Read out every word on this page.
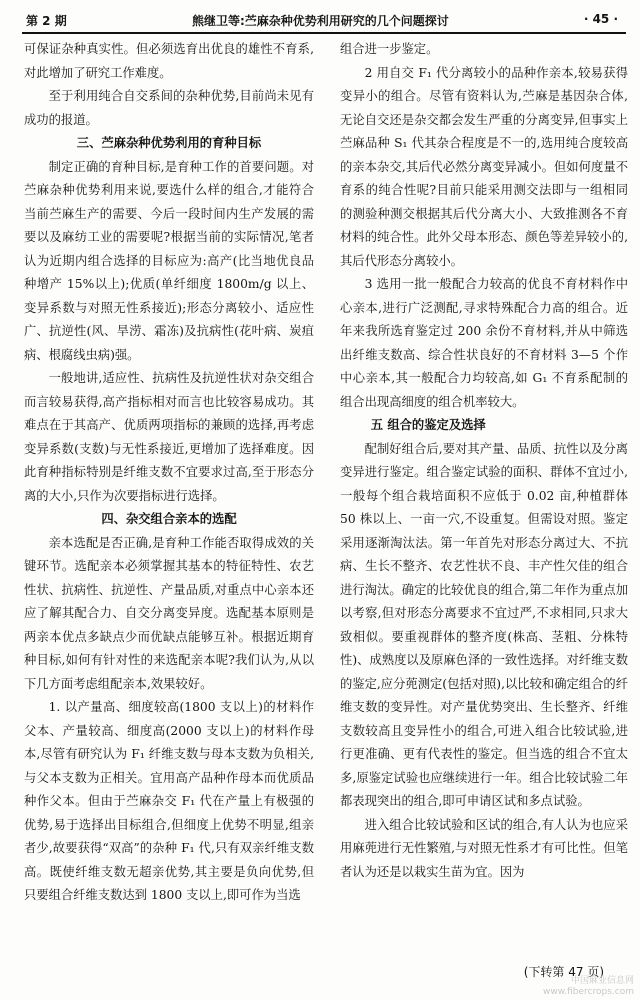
第 2 期	熊继卫等:苎麻杂种优势利用研究的几个问题探讨	· 45 ·

可保证杂种真实性。但必须选育出优良的雄性不育系,对此增加了研究工作难度。

至于利用纯合自交系间的杂种优势,目前尚未见有成功的报道。

三、苎麻杂种优势利用的育种目标

制定正确的育种目标,是育种工作的首要问题。对苎麻杂种优势利用来说,要选什么样的组合,才能符合当前苎麻生产的需要、今后一段时间内生产发展的需要以及麻纺工业的需要呢?根据当前的实际情况,笔者认为近期内组合选择的目标应为:高产(比当地优良品种增产 15%以上);优质(单纤细度 1800m/g 以上、变异系数与对照无性系接近);形态分离较小、适应性广、抗逆性(风、旱涝、霜冻)及抗病性(花叶病、炭疽病、根腐线虫病)强。

一般地讲,适应性、抗病性及抗逆性状对杂交组合而言较易获得,高产指标相对而言也比较容易成功。其难点在于其高产、优质两项指标的兼顾的选择,再考虑变异系数(支数)与无性系接近,更增加了选择难度。因此育种指标特别是纤维支数不宜要求过高,至于形态分离的大小,只作为次要指标进行选择。

四、杂交组合亲本的选配

亲本选配是否正确,是育种工作能否取得成效的关键环节。选配亲本必须掌握其基本的特征特性、农艺性状、抗病性、抗逆性、产量品质,对重点中心亲本还应了解其配合力、自交分离变异度。选配基本原则是两亲本优点多缺点少而优缺点能够互补。根据近期育种目标,如何有针对性的来选配亲本呢?我们认为,从以下几方面考虑组配亲本,效果较好。

1. 以产量高、细度较高(1800 支以上)的材料作父本、产量较高、细度高(2000 支以上)的材料作母本,尽管有研究认为 F₁ 纤维支数与母本支数为负相关,与父本支数为正相关。宜用高产品种作母本而优质品种作父本。但由于苎麻杂交 F₁ 代在产量上有极强的优势,易于选择出目标组合,但细度上优势不明显,组亲者少,故要获得“双高”的杂种 F₁ 代,只有双亲纤维支数高。既使纤维支数无超亲优势,其主要是负向优势,但只要组合纤维支数达到 1800 支以上,即可作为当选

组合进一步鉴定。

2 用自交 F₁ 代分离较小的品种作亲本,较易获得变异小的组合。尽管有资料认为,苎麻是基因杂合体,无论自交还是杂交都会发生严重的分离变异,但事实上苎麻品种 S₁ 代其杂合程度是不一的,选用纯合度较高的亲本杂交,其后代必然分离变异减小。但如何度量不育系的纯合性呢?目前只能采用测交法即与一组相同的测验种测交根据其后代分离大小、大致推测各不育材料的纯合性。此外父母本形态、颜色等差异较小的,其后代形态分离较小。

3 选用一批一般配合力较高的优良不育材料作中心亲本,进行广泛测配,寻求特殊配合力高的组合。近年来我所选育鉴定过 200 余份不育材料,并从中筛选出纤维支数高、综合性状良好的不育材料 3—5 个作中心亲本,其一般配合力均较高,如 G₁ 不育系配制的组合出现高细度的组合机率较大。

五 组合的鉴定及选择

配制好组合后,要对其产量、品质、抗性以及分离变异进行鉴定。组合鉴定试验的面积、群体不宜过小,一般每个组合栽培面积不应低于 0.02 亩,种植群体 50 株以上、一亩一穴,不设重复。但需设对照。鉴定采用逐渐淘汰法。第一年首先对形态分离过大、不抗病、生长不整齐、农艺性状不良、丰产性欠佳的组合进行淘汰。确定的比较优良的组合,第二年作为重点加以考察,但对形态分离要求不宜过严,不求相同,只求大致相似。要重视群体的整齐度(株高、茎粗、分株特性)、成熟度以及原麻色泽的一致性选择。对纤维支数的鉴定,应分蔸测定(包括对照),以比较和确定组合的纤维支数的变异性。对产量优势突出、生长整齐、纤维支数较高且变异性小的组合,可进入组合比较试验,进行更准确、更有代表性的鉴定。但当选的组合不宜太多,原鉴定试验也应继续进行一年。组合比较试验二年都表现突出的组合,即可申请区试和多点试验。

进入组合比较试验和区试的组合,有人认为也应采用麻蔸进行无性繁殖,与对照无性系才有可比性。但笔者认为还是以栽实生苗为宜。因为

(下转第 47 页)
中国麻业信息网
www.fibercrops.com
